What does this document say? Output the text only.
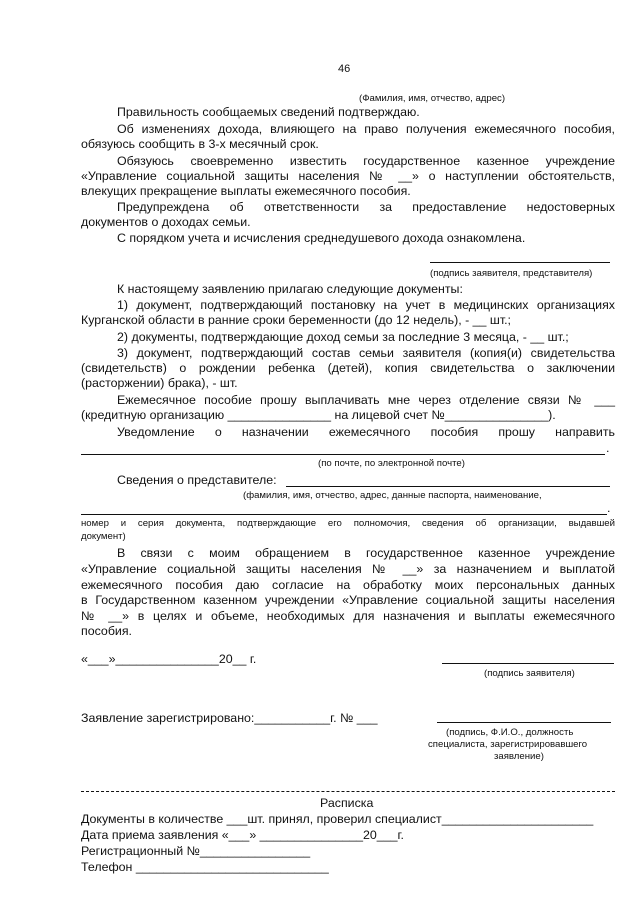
46
(Фамилия, имя, отчество, адрес)
Правильность сообщаемых сведений подтверждаю.
Об изменениях дохода, влияющего на право получения ежемесячного пособия,
обязуюсь сообщить в 3-х месячный срок.
Обязуюсь своевременно известить государственное казенное учреждение
«Управление социальной защиты населения № __» о наступлении обстоятельств,
влекущих прекращение выплаты ежемесячного пособия.
Предупреждена об ответственности за предоставление недостоверных
документов о доходах семьи.
С порядком учета и исчисления среднедушевого дохода ознакомлена.
(подпись заявителя, представителя)
К настоящему заявлению прилагаю следующие документы:
1) документ, подтверждающий постановку на учет в медицинских организациях
Курганской области в ранние сроки беременности (до 12 недель), - __ шт.;
2) документы, подтверждающие доход семьи за последние 3 месяца, - __ шт.;
3) документ, подтверждающий состав семьи заявителя (копия(и) свидетельства
(свидетельств) о рождении ребенка (детей), копия свидетельства о заключении
(расторжении) брака), - шт.
Ежемесячное пособие прошу выплачивать мне через отделение связи № ___
(кредитную организацию _______________ на лицевой счет №_______________).
Уведомление о назначении ежемесячного пособия прошу направить
.
(по почте, по электронной почте)
Сведения о представителе:
(фамилия, имя, отчество, адрес, данные паспорта, наименование,
.
номер и серия документа, подтверждающие его полномочия, сведения об организации, выдавшей
документ)
В связи с моим обращением в государственное казенное учреждение
«Управление социальной защиты населения № __» за назначением и выплатой
ежемесячного пособия даю согласие на обработку моих персональных данных
в Государственном казенном учреждении «Управление социальной защиты населения
№ __» в целях и объеме, необходимых для назначения и выплаты ежемесячного
пособия.
«___»_______________20__ г.
(подпись заявителя)
Заявление зарегистрировано:___________г. № ___
(подпись, Ф.И.О., должность
специалиста, зарегистрировавшего
заявление)
Расписка
Документы в количестве ___шт. принял, проверил специалист______________________
Дата приема заявления «___» _______________20___г.
Регистрационный №________________
Телефон ____________________________
